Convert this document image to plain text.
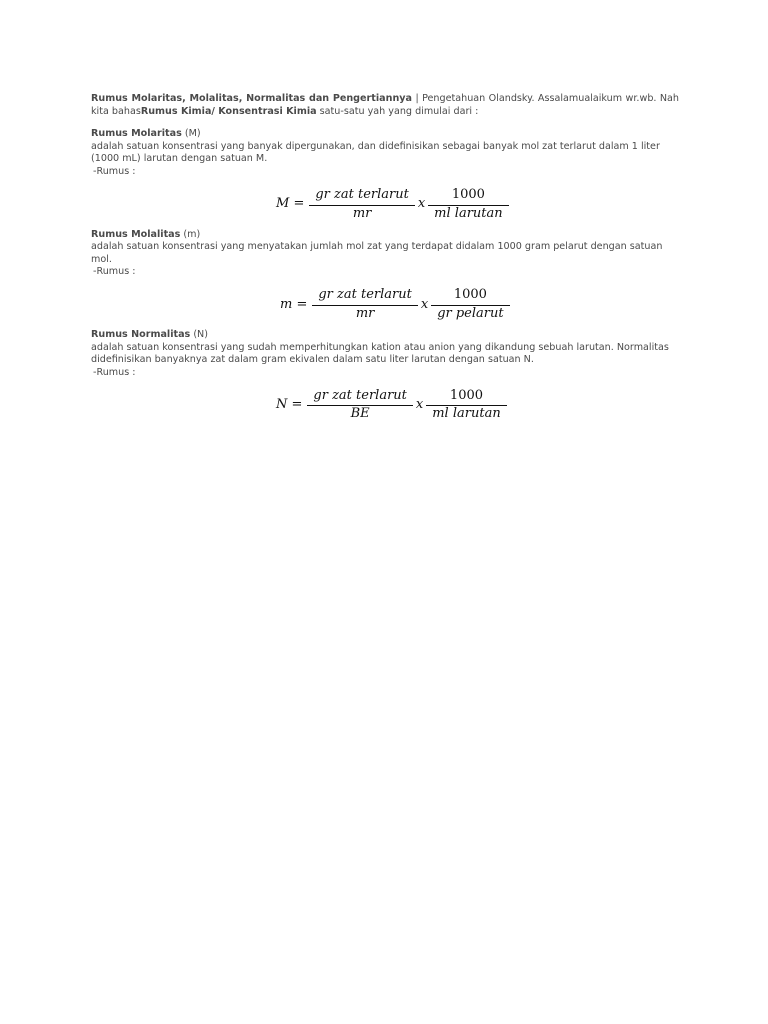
Rumus Molaritas, Molalitas, Normalitas dan Pengertiannya | Pengetahuan Olandsky. Assalamualaikum wr.wb. Nah kita bahasRumus Kimia/ Konsentrasi Kimia satu-satu yah yang dimulai dari :

Rumus Molaritas (M)

adalah satuan konsentrasi yang banyak dipergunakan, dan didefinisikan sebagai banyak mol zat terlarut dalam 1 liter (1000 mL) larutan dengan satuan M.

-Rumus :

$M = \frac{\text{gr zat terlarut}}{mr}$ x $\frac{1000}{\text{ml larutan}}$

Rumus Molalitas (m)

adalah satuan konsentrasi yang menyatakan jumlah mol zat yang terdapat didalam 1000 gram pelarut dengan satuan mol.

-Rumus :

$m = \frac{\text{gr zat terlarut}}{mr}$ x $\frac{1000}{\text{gr pelarut}}$

Rumus Normalitas (N)

adalah satuan konsentrasi yang sudah memperhitungkan kation atau anion yang dikandung sebuah larutan. Normalitas didefinisikan banyaknya zat dalam gram ekivalen dalam satu liter larutan dengan satuan N.

-Rumus :

$N = \frac{\text{gr zat terlarut}}{BE}$ x $\frac{1000}{\text{ml larutan}}$
